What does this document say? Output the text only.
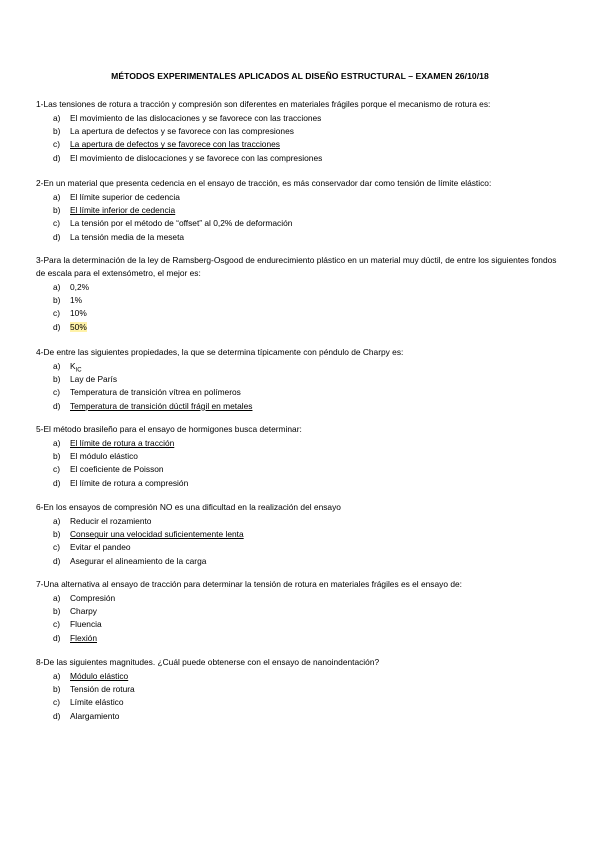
MÉTODOS EXPERIMENTALES APLICADOS AL DISEÑO ESTRUCTURAL – EXAMEN 26/10/18
1-Las tensiones de rotura a tracción y compresión son diferentes en materiales frágiles porque el mecanismo de rotura es:
a) El movimiento de las dislocaciones y se favorece con las tracciones
b) La apertura de defectos y se favorece con las compresiones
c) La apertura de defectos y se favorece con las tracciones
d) El movimiento de dislocaciones y se favorece con las compresiones
2-En un material que presenta cedencia en el ensayo de tracción, es más conservador dar como tensión de límite elástico:
a) El límite superior de cedencia
b) El límite inferior de cedencia
c) La tensión por el método de “offset” al 0,2% de deformación
d) La tensión media de la meseta
3-Para la determinación de la ley de Ramsberg-Osgood de endurecimiento plástico en un material muy dúctil, de entre los siguientes fondos de escala para el extensómetro, el mejor es:
a) 0,2%
b) 1%
c) 10%
d) 50%
4-De entre las siguientes propiedades, la que se determina típicamente con péndulo de Charpy es:
a) $K_{IC}$
b) Lay de París
c) Temperatura de transición vítrea en polímeros
d) Temperatura de transición dúctil frágil en metales
5-El método brasileño para el ensayo de hormigones busca determinar:
a) El límite de rotura a tracción
b) El módulo elástico
c) El coeficiente de Poisson
d) El límite de rotura a compresión
6-En los ensayos de compresión NO es una dificultad en la realización del ensayo
a) Reducir el rozamiento
b) Conseguir una velocidad suficientemente lenta
c) Evitar el pandeo
d) Asegurar el alineamiento de la carga
7-Una alternativa al ensayo de tracción para determinar la tensión de rotura en materiales frágiles es el ensayo de:
a) Compresión
b) Charpy
c) Fluencia
d) Flexión
8-De las siguientes magnitudes. ¿Cuál puede obtenerse con el ensayo de nanoindentación?
a) Módulo elástico
b) Tensión de rotura
c) Límite elástico
d) Alargamiento
